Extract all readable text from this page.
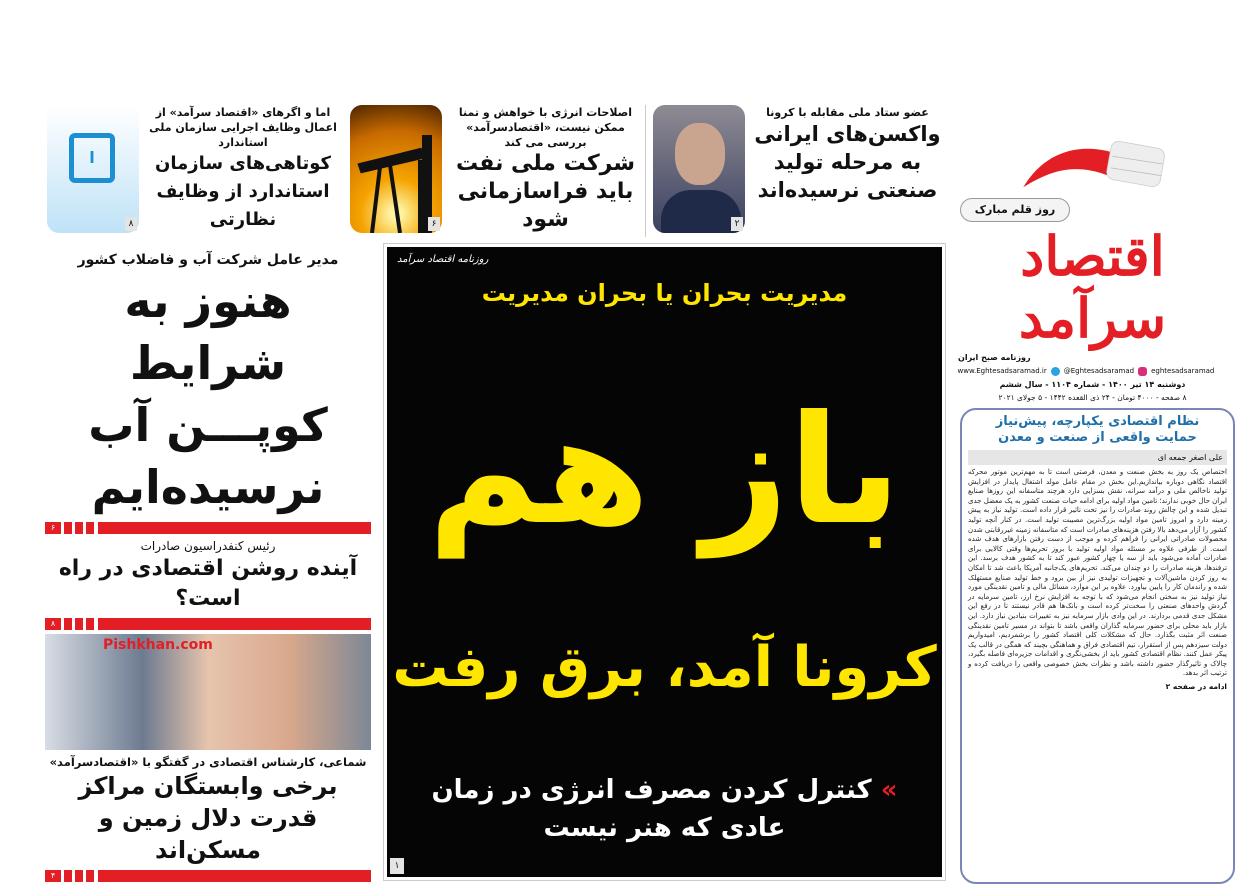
روز قلم مبارک
اقتصاد سرآمد
روزنامه صبح ایران
www.Eghtesadsaramad.ir @Eghtesadsaramad eghtesadsaramad
دوشنبه ۱۴ تیر ۱۴۰۰ - شماره ۱۱۰۴ - سال ششم
۸ صفحه - ۴۰۰۰ تومان - ۲۴ ذی القعده ۱۴۴۲ - ۵ جولای ۲۰۲۱
۲
عضو ستاد ملی مقابله با کرونا
واکسن‌های ایرانی به مرحله تولید صنعتی نرسیده‌اند
۶
اصلاحات انرژی با خواهش و تمنا ممکن نیست، «اقتصادسرآمد» بررسی می کند
شرکت ملی نفت باید فراسازمانی شود
ا
۸
اما و اگرهای «اقتصاد سرآمد» از اعمال وظایف اجرایی سازمان ملی استاندارد
کوتاهی‌های سازمان استاندارد از وظایف نظارتی
روزنامه اقتصاد سرآمد
مدیریت بحران یا بحران مدیریت
باز هم
کرونا آمد، برق رفت
» کنترل کردن مصرف انرژی در زمان عادی که هنر نیست
۱
مدیر عامل شرکت آب و فاضلاب کشور
هنوز به شرایط کوپـــن آب نرسیده‌ایم
۶
رئیس کنفدراسیون صادرات
آینده روشن اقتصادی در راه است؟
۸
Pishkhan.com
شماعی، کارشناس اقتصادی در گفتگو با «اقتصادسرآمد»
برخی وابستگان مراکز قدرت دلال زمین و مسکن‌اند
۴
نظام اقتصادی یکپارچه، پیش‌نیاز حمایت واقعی از صنعت و معدن
علی اصغر جمعه ای
اختصاص یک روز به بخش صنعت و معدن، فرصتی است تا به مهم‌ترین موتور محرکه اقتصاد نگاهی دوباره بیاندازیم.این بخش در مقام عامل مولد اشتغال پایدار در افزایش تولید ناخالص ملی و درآمد سرانه، نقش بسزایی دارد هرچند متاسفانه این روزها صنایع ایران حال خوبی ندارند؛ تامین مواد اولیه برای ادامه حیات صنعت کشور به یک معضل جدی تبدیل شده و این چالش روند صادرات را نیز تحت تاثیر قرار داده است. تولید نیاز به پیش زمینه دارد و امروز تامین مواد اولیه بزرگ‌ترین مصیبت تولید است. در کنار آنچه تولید کشور را آزار می‌دهد بالا رفتن هزینه‌های صادرات است که متاسفانه زمینه غیررقابتی شدن محصولات صادراتی ایرانی را فراهم کرده و موجب از دست رفتن بازارهای هدف شده است. از طرفی علاوه بر مسئله مواد اولیه تولید با بروز تحریم‌ها وقتی کالایی برای صادرات آماده می‌شود باید از سه یا چهار کشور عبور کند تا به کشور هدف برسد. این ترفندها، هزینه صادرات را دو چندان می‌کند. تحریم‌های یک‌جانبه آمریکا باعث شد تا امکان به روز کردن ماشین‌آلات و تجهیزات تولیدی نیز از بین برود و خط تولید صنایع مستهلک شده و راندمان کار را پایین بیاورد. علاوه بر این موارد، مسائل مالی و تامین نقدینگی مورد نیاز تولید نیز به سختی انجام می‌شود که با توجه به افزایش نرخ ارز، تامین سرمایه در گردش واحدهای صنعتی را سخت‌تر کرده است و بانک‌ها هم قادر نیستند تا در رفع این مشکل جدی قدمی بردارند. در این وادی بازار سرمایه نیز به تغییرات بنیادین نیاز دارد. این بازار باید محلی برای حضور سرمایه گذاران واقعی باشد تا بتواند در مسیر تامین نقدینگی صنعت اثر مثبت بگذارد. حال که مشکلات کلی اقتصاد کشور را برشمردیم، امیدواریم دولت سیزدهم پس از استقرار، تیم اقتصادی فراق و هماهنگی بچیند که همگی در قالب یک پیکر عمل کنند. نظام اقتصادی کشور باید از بخشی‌نگری و اقدامات جزیره‌ای فاصله بگیرد، چالاک و تاثیرگذار حضور داشته باشد و نظرات بخش خصوصی واقعی را دریافت کرده و ترتیب اثر بدهد.
ادامه در صفحه ۲
